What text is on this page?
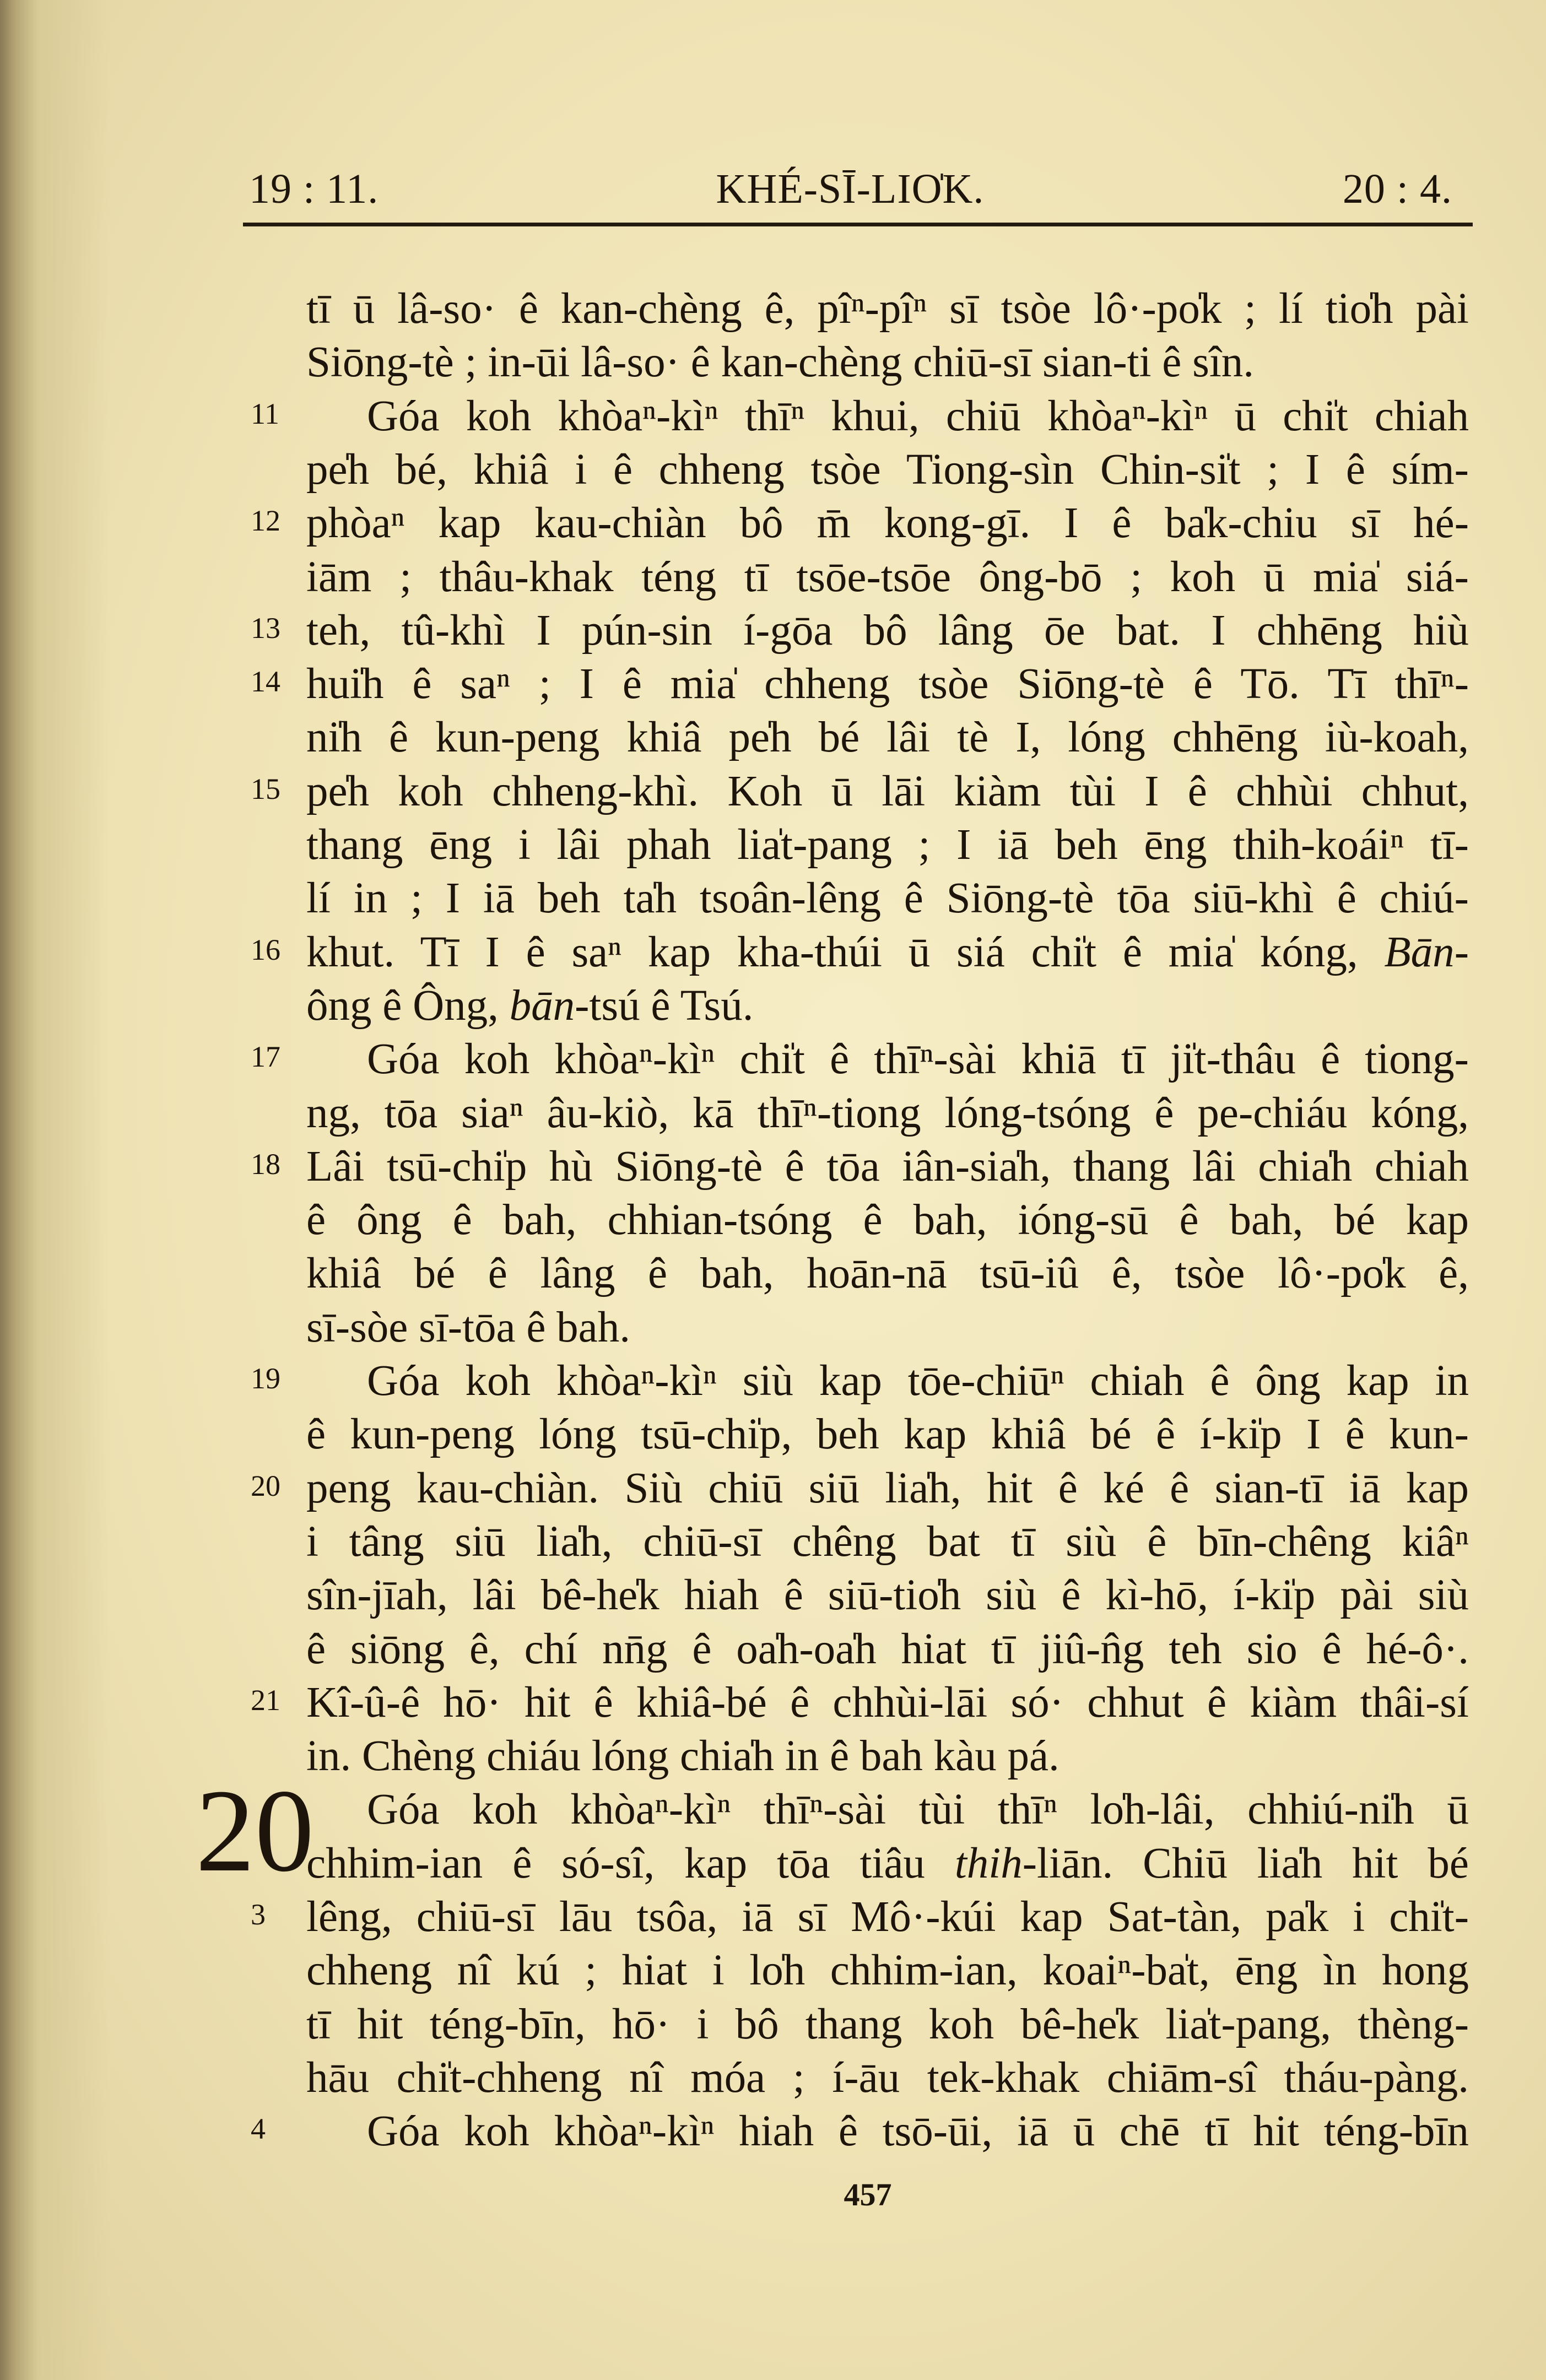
19 : 11.	KHÉ-SĪ-LIO̍K.	20 : 4.
tī ū lâ-so· ê kan-chèng ê, pîⁿ-pîⁿ sī tsòe lô·-po̍k ; lí tio̍h pài
Siōng-tè ; in-ūi lâ-so· ê kan-chèng chiū-sī sian-ti ê sîn.
Góa koh khòaⁿ-kìⁿ thīⁿ khui, chiū khòaⁿ-kìⁿ ū chi̍t chiah
11
pe̍h bé, khiâ i ê chheng tsòe Tiong-sìn Chin-si̍t ; I ê sím-
phòaⁿ kap kau-chiàn bô m̄ kong-gī. I ê ba̍k-chiu sī hé-
12
iām ; thâu-khak téng tī tsōe-tsōe ông-bō ; koh ū mia̍ siá-
teh, tû-khì I pún-sin í-gōa bô lâng ōe bat. I chhēng hiù
13
hui̍h ê saⁿ ; I ê mia̍ chheng tsòe Siōng-tè ê Tō. Tī thīⁿ-
14
ni̍h ê kun-peng khiâ pe̍h bé lâi tè I, lóng chhēng iù-koah,
pe̍h koh chheng-khì. Koh ū lāi kiàm tùi I ê chhùi chhut,
15
thang ēng i lâi phah lia̍t-pang ; I iā beh ēng thih-koáiⁿ tī-
lí in ; I iā beh ta̍h tsoân-lêng ê Siōng-tè tōa siū-khì ê chiú-
khut. Tī I ê saⁿ kap kha-thúi ū siá chi̍t ê mia̍ kóng, Bān-
16
ông ê Ông, bān-tsú ê Tsú.
Góa koh khòaⁿ-kìⁿ chi̍t ê thīⁿ-sài khiā tī ji̍t-thâu ê tiong-
17
ng, tōa siaⁿ âu-kiò, kā thīⁿ-tiong lóng-tsóng ê pe-chiáu kóng,
Lâi tsū-chi̍p hù Siōng-tè ê tōa iân-sia̍h, thang lâi chia̍h chiah
18
ê ông ê bah, chhian-tsóng ê bah, ióng-sū ê bah, bé kap
khiâ bé ê lâng ê bah, hoān-nā tsū-iû ê, tsòe lô·-po̍k ê,
sī-sòe sī-tōa ê bah.
Góa koh khòaⁿ-kìⁿ siù kap tōe-chiūⁿ chiah ê ông kap in
19
ê kun-peng lóng tsū-chi̍p, beh kap khiâ bé ê í-ki̍p I ê kun-
peng kau-chiàn. Siù chiū siū lia̍h, hit ê ké ê sian-tī iā kap
20
i tâng siū lia̍h, chiū-sī chêng bat tī siù ê bīn-chêng kiâⁿ
sîn-jīah, lâi bê-he̍k hiah ê siū-tio̍h siù ê kì-hō, í-ki̍p pài siù
ê siōng ê, chí nn̄g ê oa̍h-oa̍h hiat tī jiû-n̂g teh sio ê hé-ô·.
Kî-û-ê hō· hit ê khiâ-bé ê chhùi-lāi só· chhut ê kiàm thâi-sí
21
in. Chèng chiáu lóng chia̍h in ê bah kàu pá.
Góa koh khòaⁿ-kìⁿ thīⁿ-sài tùi thīⁿ lo̍h-lâi, chhiú-ni̍h ū
chhim-ian ê só-sî, kap tōa tiâu thih-liān. Chiū lia̍h hit bé
lêng, chiū-sī lāu tsôa, iā sī Mô·-kúi kap Sat-tàn, pa̍k i chi̍t-
3
chheng nî kú ; hiat i lo̍h chhim-ian, koaiⁿ-ba̍t, ēng ìn hong
tī hit téng-bīn, hō· i bô thang koh bê-he̍k lia̍t-pang, thèng-
hāu chi̍t-chheng nî móa ; í-āu tek-khak chiām-sî tháu-pàng.
Góa koh khòaⁿ-kìⁿ hiah ê tsō-ūi, iā ū chē tī hit téng-bīn
4
20
457
